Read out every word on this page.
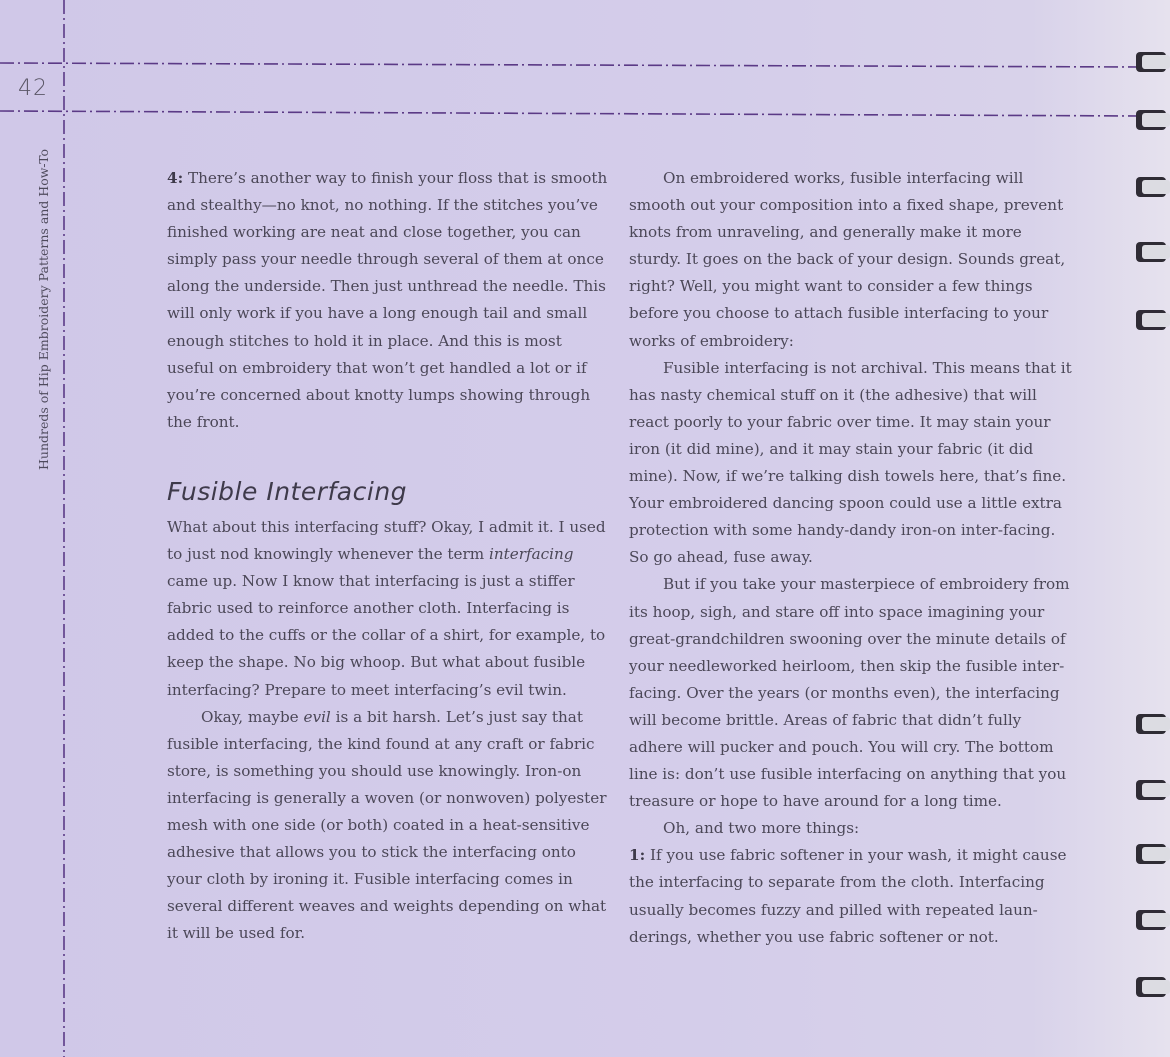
42
Hundreds of Hip Embroidery Patterns and How-To	4: There’s another way to finish your floss that is smooth and stealthy—no knot, no nothing. If the stitches you’ve finished working are neat and close together, you can simply pass your needle through several of them at once along the underside. Then just unthread the needle. This will only work if you have a long enough tail and small enough stitches to hold it in place. And this is most useful on embroidery that won’t get handled a lot or if you’re concerned about knotty lumps showing through the front.

Fusible Interfacing

What about this interfacing stuff? Okay, I admit it. I used to just nod knowingly whenever the term interfacing came up. Now I know that interfacing is just a stiffer fabric used to reinforce another cloth. Interfacing is added to the cuffs or the collar of a shirt, for example, to keep the shape. No big whoop. But what about fusible interfacing? Prepare to meet interfacing’s evil twin.

Okay, maybe evil is a bit harsh. Let’s just say that fusible interfacing, the kind found at any craft or fabric store, is something you should use knowingly. Iron-on interfacing is generally a woven (or nonwoven) polyester mesh with one side (or both) coated in a heat-sensitive adhesive that allows you to stick the interfacing onto your cloth by ironing it. Fusible interfacing comes in several different weaves and weights depending on what it will be used for.

On embroidered works, fusible interfacing will smooth out your composition into a fixed shape, prevent knots from unraveling, and generally make it more sturdy. It goes on the back of your design. Sounds great, right? Well, you might want to consider a few things before you choose to attach fusible interfacing to your works of embroidery:

Fusible interfacing is not archival. This means that it has nasty chemical stuff on it (the adhesive) that will react poorly to your fabric over time. It may stain your iron (it did mine), and it may stain your fabric (it did mine). Now, if we’re talking dish towels here, that’s fine. Your embroidered dancing spoon could use a little extra protection with some handy-dandy iron-on inter-facing. So go ahead, fuse away.

But if you take your masterpiece of embroidery from its hoop, sigh, and stare off into space imagining your great-grandchildren swooning over the minute details of your needleworked heirloom, then skip the fusible inter-facing. Over the years (or months even), the interfacing will become brittle. Areas of fabric that didn’t fully adhere will pucker and pouch. You will cry. The bottom line is: don’t use fusible interfacing on anything that you treasure or hope to have around for a long time.

Oh, and two more things:

1: If you use fabric softener in your wash, it might cause the interfacing to separate from the cloth. Interfacing usually becomes fuzzy and pilled with repeated laun-derings, whether you use fabric softener or not.
